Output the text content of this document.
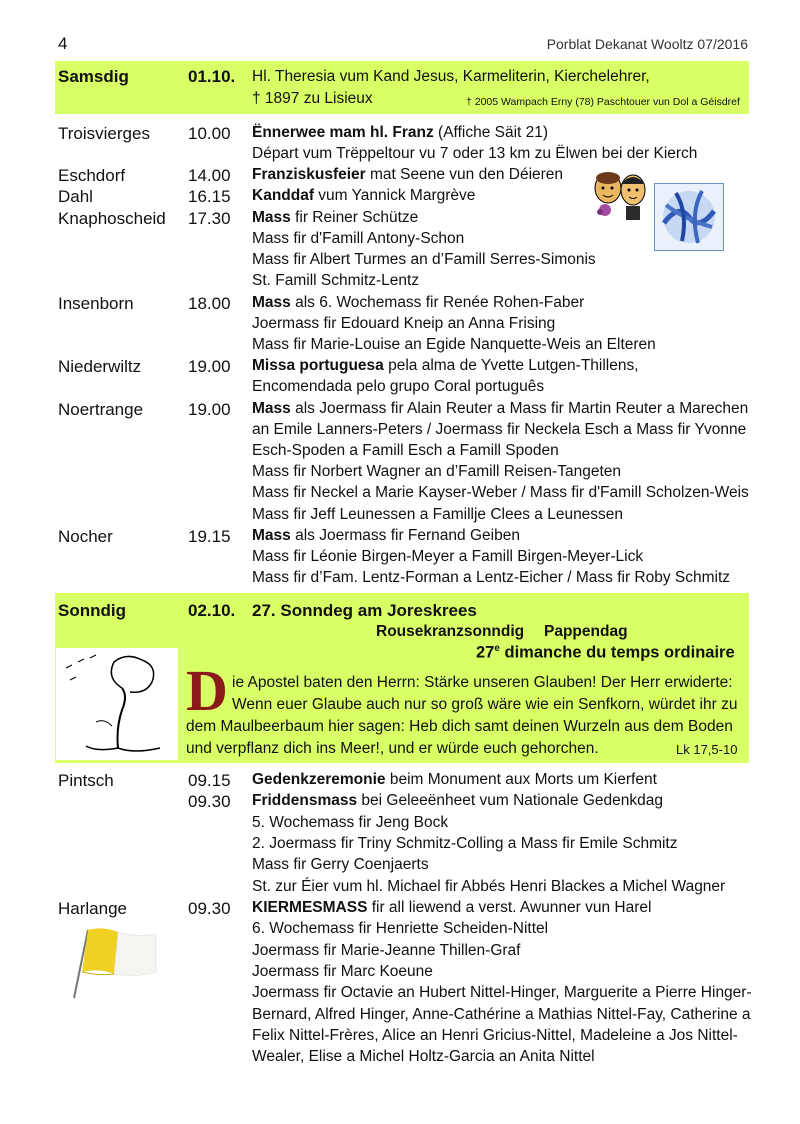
4	Porblat Dekanat Wooltz 07/2016
Samsdig	01.10. Hl. Theresia vum Kand Jesus, Karmeliterin, Kierchelehrer,
† 1897 zu Lisieux	† 2005 Wampach Erny (78) Paschtouer vun Dol a Géisdref
Troisvierges 10.00 Ënnerwee mam hl. Franz (Affiche Säit 21)
Départ vum Trëppeltour vu 7 oder 13 km zu Ëlwen bei der Kierch
Eschdorf	14.00 Franziskusfeier mat Seene vun den Déieren
Dahl	16.15 Kanddaf vum Yannick Margrève
Knaphoscheid 17.30 Mass fir Reiner Schütze
Mass fir d'Famill Antony-Schon
Mass fir Albert Turmes an d’Famill Serres-Simonis
St. Famill Schmitz-Lentz
Insenborn	18.00 Mass als 6. Wochemass fir Renée Rohen-Faber
Joermass fir Edouard Kneip an Anna Frising
Mass fir Marie-Louise an Egide Nanquette-Weis an Elteren
Niederwiltz	19.00 Missa portuguesa pela alma de Yvette Lutgen-Thillens,
Encomendada pelo grupo Coral português
Noertrange	19.00 Mass als Joermass fir Alain Reuter a Mass fir Martin Reuter a Marechen
an Emile Lanners-Peters / Joermass fir Neckela Esch a Mass fir Yvonne
Esch-Spoden a Famill Esch a Famill Spoden
Mass fir Norbert Wagner an d’Famill Reisen-Tangeten
Mass fir Neckel a Marie Kayser-Weber / Mass fir d'Famill Scholzen-Weis
Mass fir Jeff Leunessen a Famillje Clees a Leunessen
Nocher	19.15 Mass als Joermass fir Fernand Geiben
Mass fir Léonie Birgen-Meyer a Famill Birgen-Meyer-Lick
Mass fir d’Fam. Lentz-Forman a Lentz-Eicher / Mass fir Roby Schmitz
Sonndig	02.10. 27. Sonndeg am Joreskrees
Rousekranzsonndig Pappendag
27e dimanche du temps ordinaire
D ie Apostel baten den Herrn: Stärke unseren Glauben! Der Herr erwiderte:
Wenn euer Glaube auch nur so groß wäre wie ein Senfkorn, würdet ihr zu
dem Maulbeerbaum hier sagen: Heb dich samt deinen Wurzeln aus dem Boden
und verpflanz dich ins Meer!, und er würde euch gehorchen.	Lk 17,5-10
Pintsch	09.15 Gedenkzeremonie beim Monument aux Morts um Kierfent
09.30 Friddensmass bei Geleeënheet vum Nationale Gedenkdag
5. Wochemass fir Jeng Bock
2. Joermass fir Triny Schmitz-Colling a Mass fir Emile Schmitz
Mass fir Gerry Coenjaerts
St. zur Éier vum hl. Michael fir Abbés Henri Blackes a Michel Wagner
Harlange	09.30 KIERMESMASS fir all liewend a verst. Awunner vun Harel
6. Wochemass fir Henriette Scheiden-Nittel
Joermass fir Marie-Jeanne Thillen-Graf
Joermass fir Marc Koeune
Joermass fir Octavie an Hubert Nittel-Hinger, Marguerite a Pierre Hinger-
Bernard, Alfred Hinger, Anne-Cathérine a Mathias Nittel-Fay, Catherine a
Felix Nittel-Frères, Alice an Henri Gricius-Nittel, Madeleine a Jos Nittel-
Wealer, Elise a Michel Holtz-Garcia an Anita Nittel
